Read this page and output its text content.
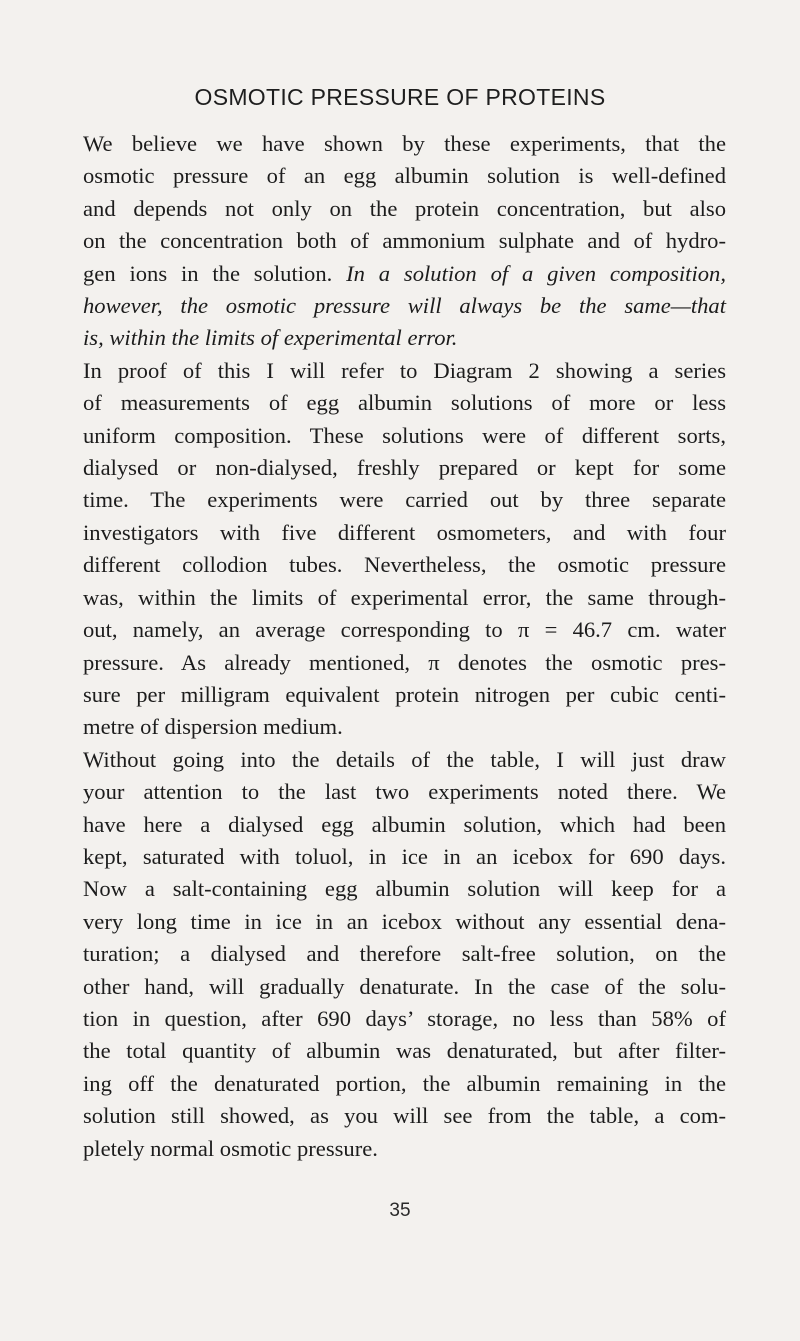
OSMOTIC PRESSURE OF PROTEINS

We believe we have shown by these experiments, that the
osmotic pressure of an egg albumin solution is well-defined
and depends not only on the protein concentration, but also
on the concentration both of ammonium sulphate and of hydro-
gen ions in the solution. In a solution of a given composition,
however, the osmotic pressure will always be the same—that
is, within the limits of experimental error.

In proof of this I will refer to Diagram 2 showing a series
of measurements of egg albumin solutions of more or less
uniform composition. These solutions were of different sorts,
dialysed or non-dialysed, freshly prepared or kept for some
time. The experiments were carried out by three separate
investigators with five different osmometers, and with four
different collodion tubes. Nevertheless, the osmotic pressure
was, within the limits of experimental error, the same through-
out, namely, an average corresponding to π = 46.7 cm. water
pressure. As already mentioned, π denotes the osmotic pres-
sure per milligram equivalent protein nitrogen per cubic centi-
metre of dispersion medium.

Without going into the details of the table, I will just draw
your attention to the last two experiments noted there. We
have here a dialysed egg albumin solution, which had been
kept, saturated with toluol, in ice in an icebox for 690 days.
Now a salt-containing egg albumin solution will keep for a
very long time in ice in an icebox without any essential dena-
turation; a dialysed and therefore salt-free solution, on the
other hand, will gradually denaturate. In the case of the solu-
tion in question, after 690 days’ storage, no less than 58% of
the total quantity of albumin was denaturated, but after filter-
ing off the denaturated portion, the albumin remaining in the
solution still showed, as you will see from the table, a com-
pletely normal osmotic pressure.

35
